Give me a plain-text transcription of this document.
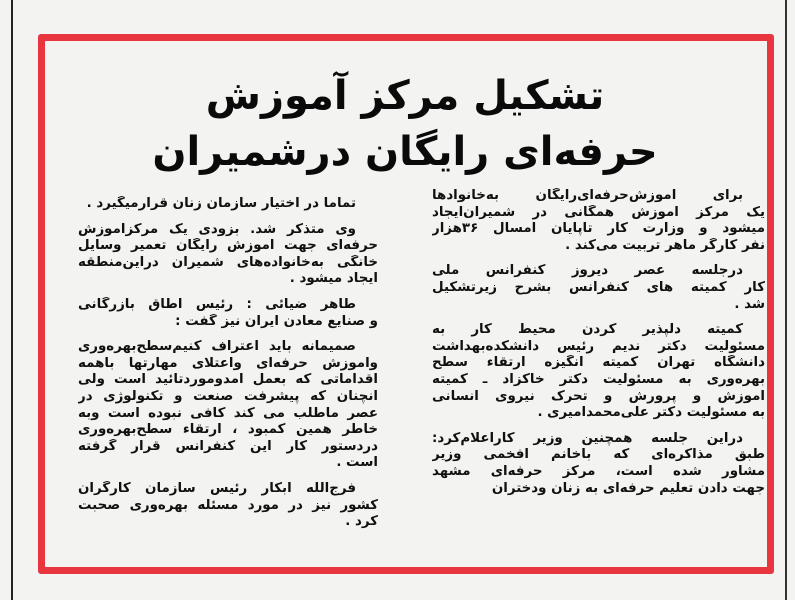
تشکیل مرکز آموزش
حرفه‌ای رایگان درشمیران
برای آموزش‌حرفه‌ای‌رایگان به‌خانوادها
یک مرکز آموزش همگانی در شمیران‌ایجاد
میشود و وزارت کار تاپایان امسال ۳۶هزار
نفر کارگر ماهر تربیت می‌کند .
درجلسه عصر دیروز کنفرانس ملی
کار کمیته های کنفرانس بشرح زیرتشکیل
شد .
کمیته دلپذیر کردن محیط کار به
مسئولیت دکتر ندیم رئیس دانشکده‌بهداشت
دانشگاه تهران کمیته انگیزه ارتقاء سطح
بهره‌وری به مسئولیت دکتر خاکزاد ـ کمیته
آموزش و پرورش و تحرک نیروی انسانی
به مسئولیت دکتر علی‌محمدامیری .
دراین جلسه همچنین وزیر کاراعلام‌کرد:
طبق مذاکره‌ای که باخانم افخمی وزیر
مشاور شده است، مرکز حرفه‌ای مشهد
جهت دادن تعلیم حرفه‌ای به زنان ودختران
تماما در اختیار سازمان زنان قرارمیگیرد .
وی متذکر شد. بزودی یک مرکزآموزش
حرفه‌ای جهت آموزش رایگان تعمیر وسایل
خانگی به‌خانواده‌های شمیران دراین‌منطقه
ایجاد میشود .
طاهر ضیائی : رئیس اطاق بازرگانی
و صنایع معادن ایران نیز گفت :
صمیمانه باید اعتراف کنیم‌سطح‌بهره‌وری
وآموزش حرفه‌ای واعتلای مهارتها باهمه
اقداماتی که بعمل آمدوموردتائید است ولی
آنچنان که پیشرفت صنعت و تکنولوژی در
عصر ماطلب می کند کافی نبوده است وبه
خاطر همین کمبود ، ارتقاء سطح‌بهره‌وری
دردستور کار این کنفرانس قرار گرفته
است .
فرج‌الله آبکار رئیس سازمان کارگران
کشور نیز در مورد مسئله بهره‌وری صحبت
کرد .
